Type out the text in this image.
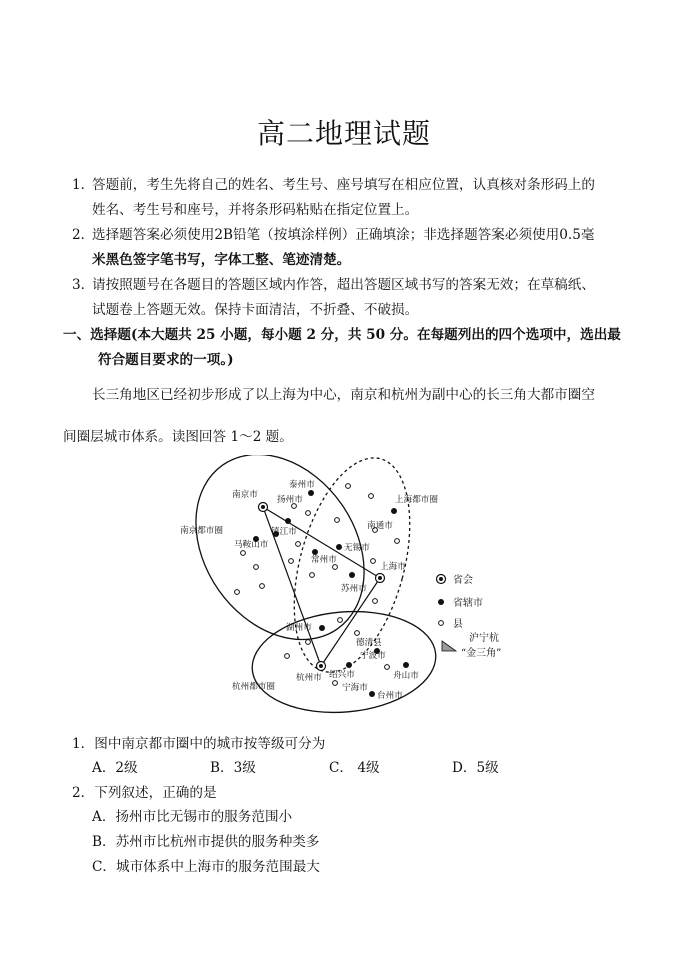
高二地理试题
1．
答题前，考生先将自己的姓名、考生号、座号填写在相应位置，认真核对条形码上的
姓名、考生号和座号，并将条形码粘贴在指定位置上。
2．
选择题答案必须使用2B铅笔（按填涂样例）正确填涂；非选择题答案必须使用0.5毫
米黑色签字笔书写，字体工整、笔迹清楚。
3．
请按照题号在各题目的答题区域内作答，超出答题区域书写的答案无效；在草稿纸、
试题卷上答题无效。保持卡面清洁，不折叠、不破损。
一、选择题(本大题共 25 小题，每小题 2 分，共 50 分。在每题列出的四个选项中，选出最
符合题目要求的一项。)
长三角地区已经初步形成了以上海为中心，南京和杭州为副中心的长三角大都市圈空
间圈层城市体系。读图回答 1～2 题。
南京市
泰州市
扬州市
镇江市
马鞍山市
南京都市圈
上海都市圈
南通市
无锡市
常州市
上海市
苏州市
湖州市
德清县
宁波市
杭州市 绍兴市	舟山市
宁海市
台州市
杭州都市圈
省会
省辖市
县
沪宁杭
“金三角”
1．图中南京都市圈中的城市按等级可分为
A．2级	B．3级	C． 4级	D．5级
2．下列叙述，正确的是
A．扬州市比无锡市的服务范围小
B．苏州市比杭州市提供的服务种类多
C．城市体系中上海市的服务范围最大
